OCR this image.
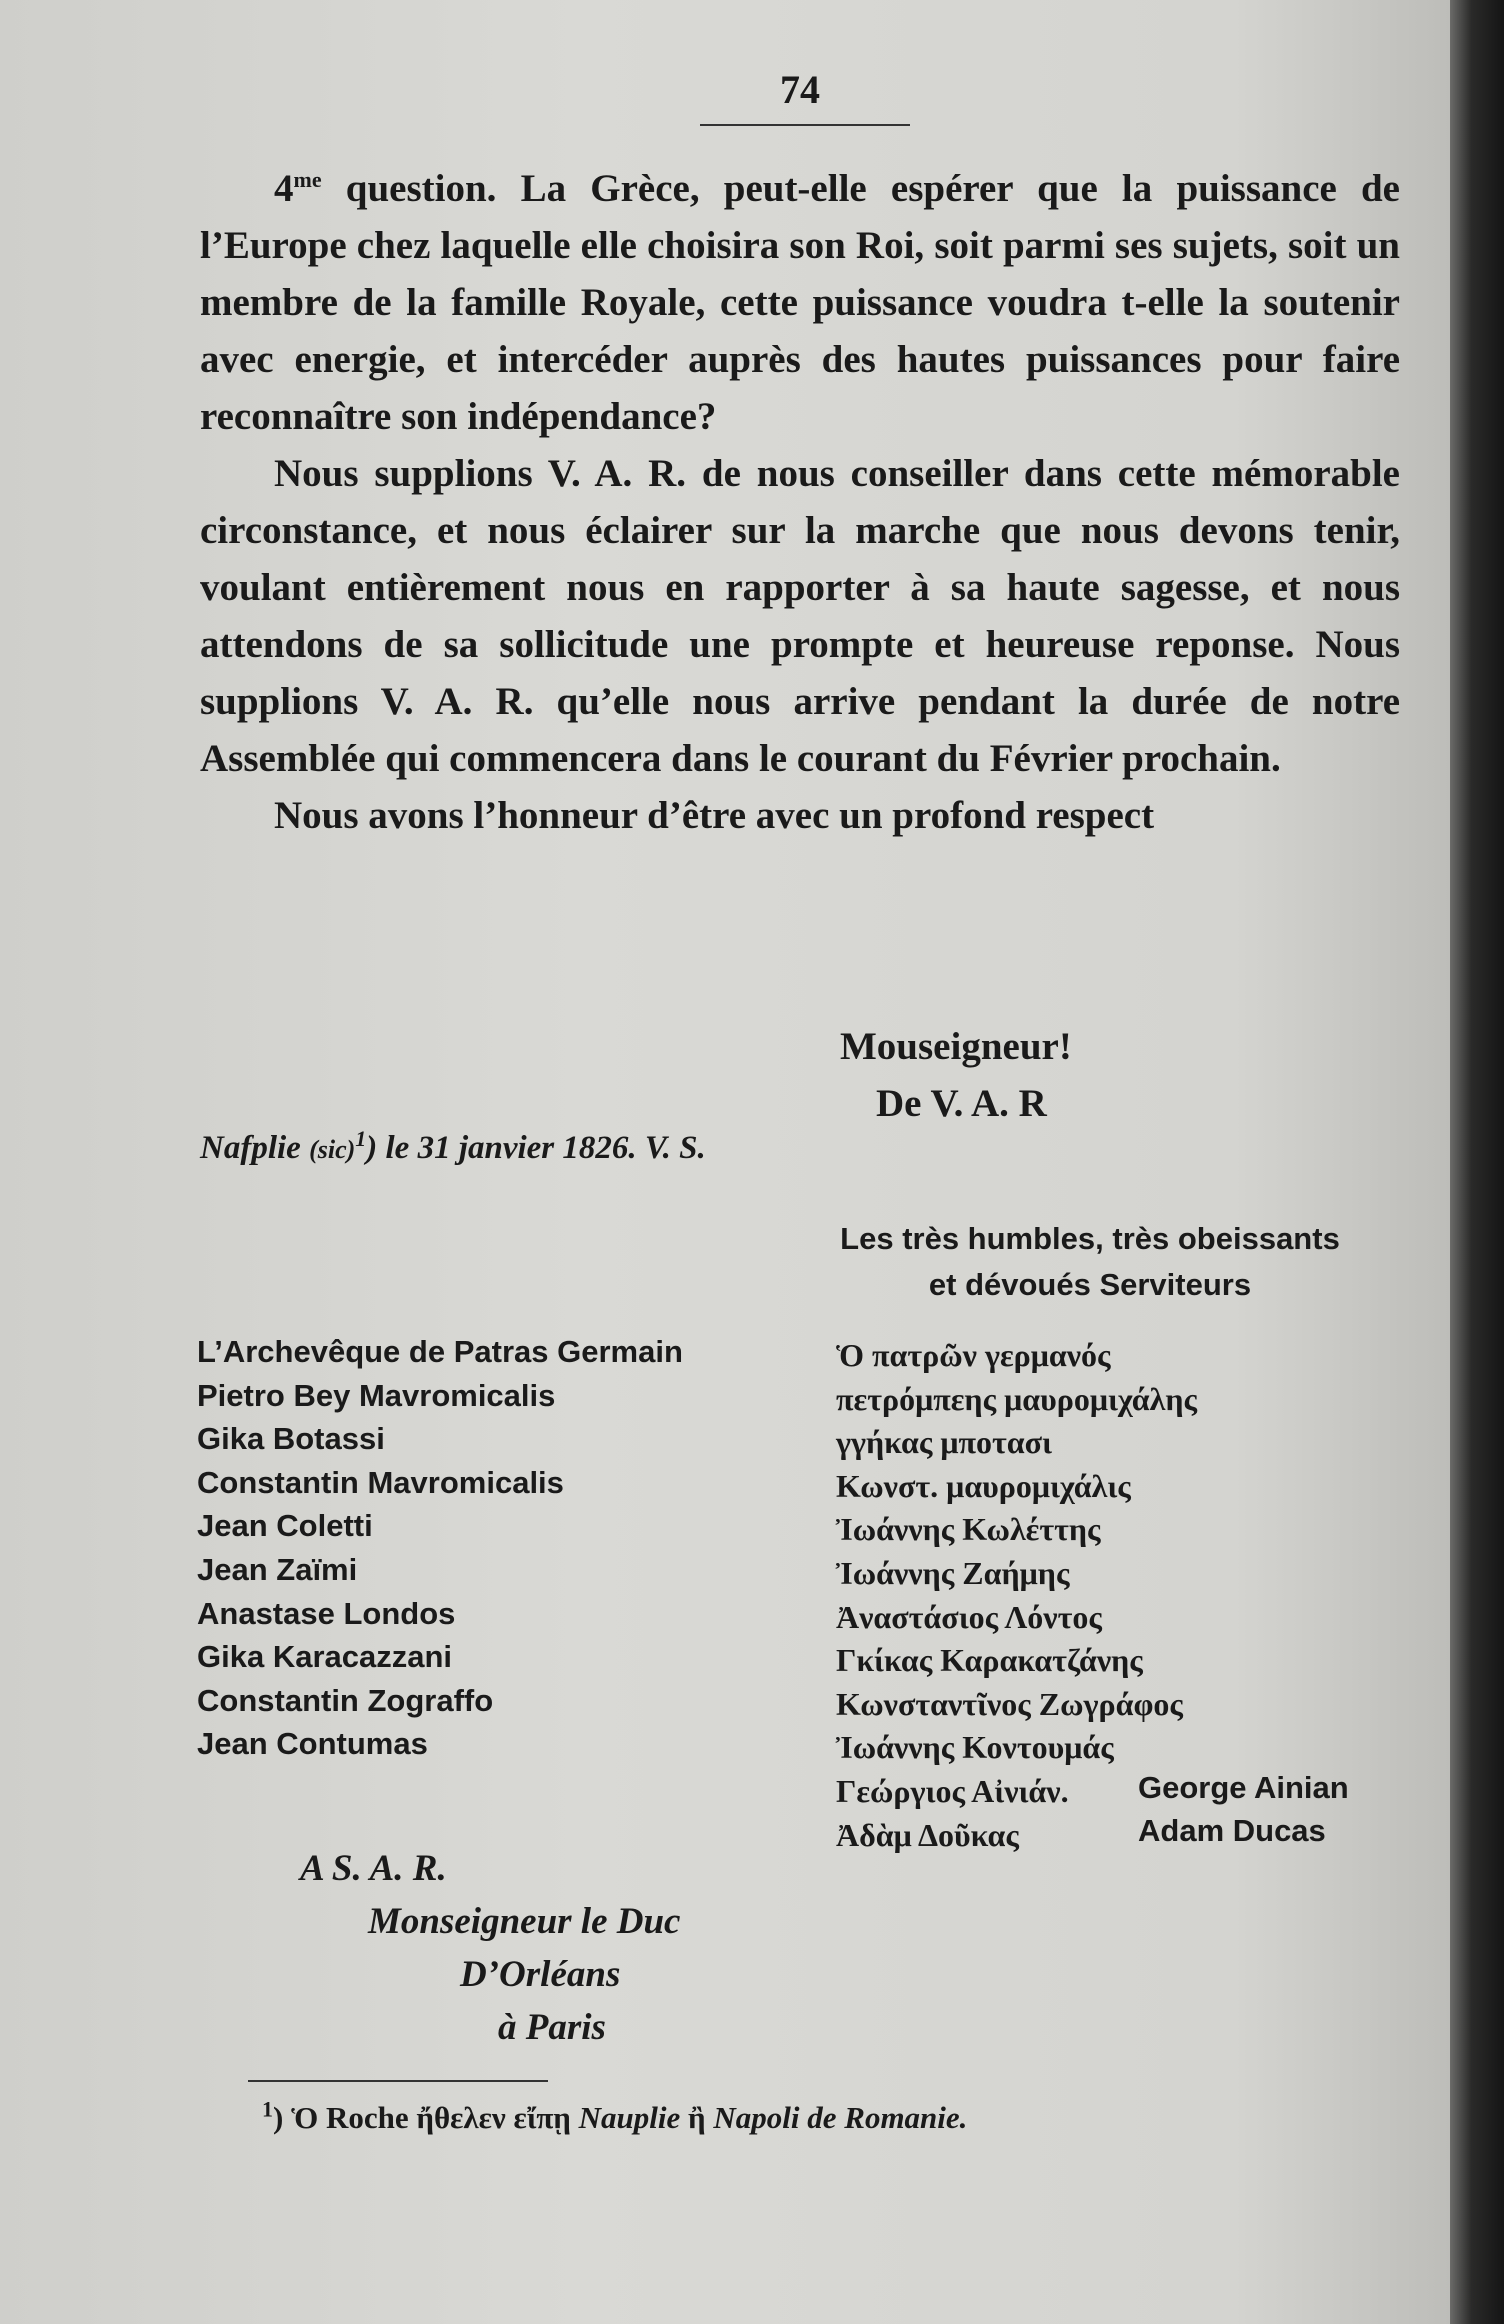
74

$4^{me}$ question. La Grèce, peut-elle espérer que la puissance de l’Europe chez laquelle elle choisira son Roi, soit parmi ses sujets, soit un membre de la famille Royale, cette puissance voudra t-elle la soutenir avec energie, et intercéder auprès des hautes puissances pour faire reconnaître son indépendance?

Nous supplions V. A. R. de nous conseiller dans cette mémorable circonstance, et nous éclairer sur la marche que nous devons tenir, voulant entièrement nous en rapporter à sa haute sagesse, et nous attendons de sa sollicitude une prompte et heureuse reponse. Nous supplions V. A. R. qu’elle nous arrive pendant la durée de notre Assemblée qui commencera dans le courant du Février prochain.

Nous avons l’honneur d’être avec un profond respect

Mouseigneur!
De V. A. R
Nafplie (sic)$^1$) le 31 janvier 1826. V. S.
Les très humbles, très obeissants
et dévoués Serviteurs
L’Archevêque de Patras Germain
Pietro Bey Mavromicalis
Gika Botassi
Constantin Mavromicalis
Jean Coletti
Jean Zaïmi
Anastase Londos
Gika Karacazzani
Constantin Zograffo
Jean Contumas
Ὁ πατρῶν γερμανός
πετρόμπεης μαυρομιχάλης
γγήκας μποτασι
Κωνστ. μαυρομιχάλις
Ἰωάννης Κωλέττης
Ἰωάννης Ζαήμης
Ἀναστάσιος Λόντος
Γκίκας Καρακατζάνης
Κωνσταντῖνος Ζωγράφος
Ἰωάννης Κοντουμάς
Γεώργιος Αἰνιάν.
Ἀδὰμ Δοῦκας
George Ainian
Adam Ducas
A S. A. R.
Monseigneur le Duc
D’Orléans
à Paris
$^1$) Ὁ Roche ἤθελεν εἴπῃ Nauplie ἢ Napoli de Romanie.
